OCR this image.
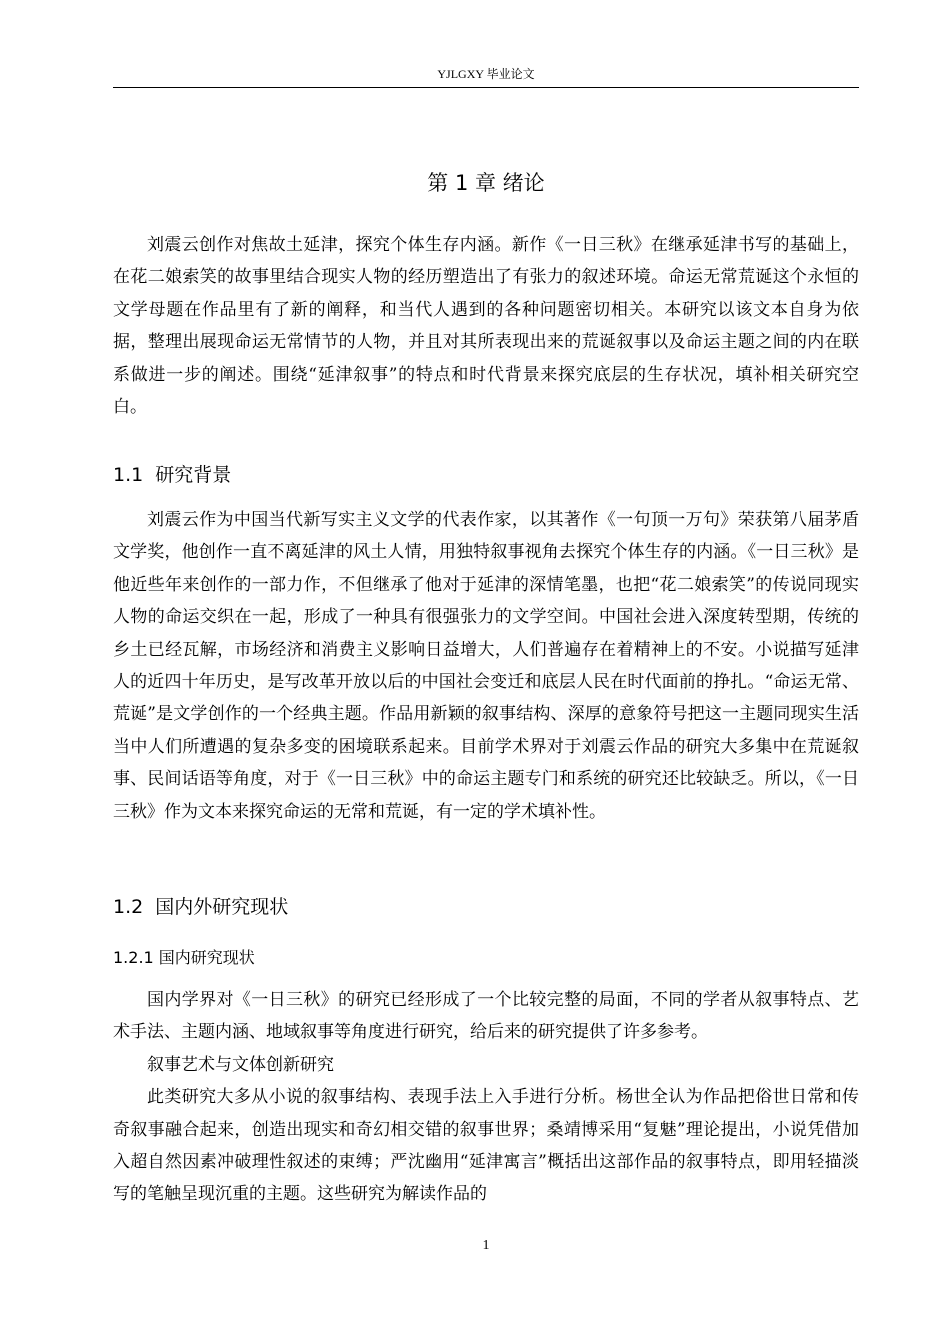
YJLGXY 毕业论文
第 1 章 绪论

刘震云创作对焦故土延津，探究个体生存内涵。新作《一日三秋》在继承延津书写的基础上，在花二娘索笑的故事里结合现实人物的经历塑造出了有张力的叙述环境。命运无常荒诞这个永恒的文学母题在作品里有了新的阐释，和当代人遇到的各种问题密切相关。本研究以该文本自身为依据，整理出展现命运无常情节的人物，并且对其所表现出来的荒诞叙事以及命运主题之间的内在联系做进一步的阐述。围绕“延津叙事”的特点和时代背景来探究底层的生存状况，填补相关研究空白。

1.1 研究背景

刘震云作为中国当代新写实主义文学的代表作家，以其著作《一句顶一万句》荣获第八届茅盾文学奖，他创作一直不离延津的风土人情，用独特叙事视角去探究个体生存的内涵。《一日三秋》是他近些年来创作的一部力作，不但继承了他对于延津的深情笔墨，也把“花二娘索笑”的传说同现实人物的命运交织在一起，形成了一种具有很强张力的文学空间。中国社会进入深度转型期，传统的乡土已经瓦解，市场经济和消费主义影响日益增大，人们普遍存在着精神上的不安。小说描写延津人的近四十年历史，是写改革开放以后的中国社会变迁和底层人民在时代面前的挣扎。“命运无常、荒诞”是文学创作的一个经典主题。作品用新颖的叙事结构、深厚的意象符号把这一主题同现实生活当中人们所遭遇的复杂多变的困境联系起来。目前学术界对于刘震云作品的研究大多集中在荒诞叙事、民间话语等角度，对于《一日三秋》中的命运主题专门和系统的研究还比较缺乏。所以，《一日三秋》作为文本来探究命运的无常和荒诞，有一定的学术填补性。

1.2 国内外研究现状
1.2.1 国内研究现状

国内学界对《一日三秋》的研究已经形成了一个比较完整的局面，不同的学者从叙事特点、艺术手法、主题内涵、地域叙事等角度进行研究，给后来的研究提供了许多参考。

叙事艺术与文体创新研究

此类研究大多从小说的叙事结构、表现手法上入手进行分析。杨世全认为作品把俗世日常和传奇叙事融合起来，创造出现实和奇幻相交错的叙事世界；桑靖博采用“复魅”理论提出，小说凭借加入超自然因素冲破理性叙述的束缚；严沈幽用“延津寓言”概括出这部作品的叙事特点，即用轻描淡写的笔触呈现沉重的主题。这些研究为解读作品的

1
